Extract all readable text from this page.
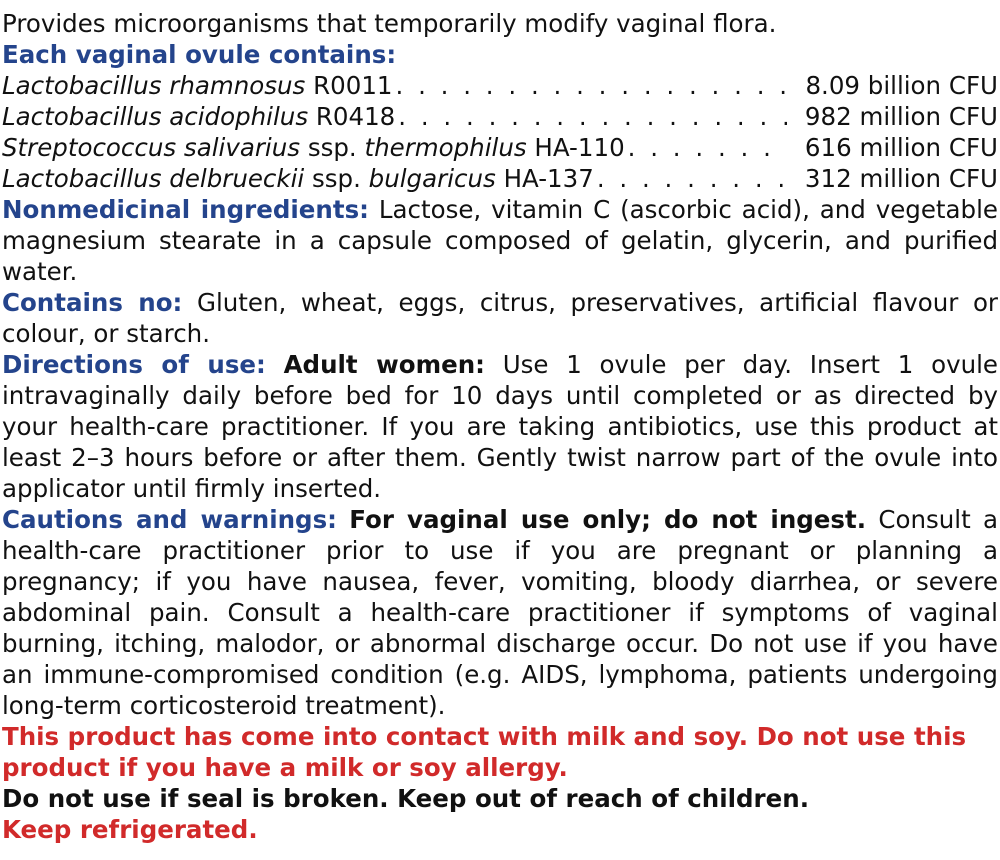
Provides microorganisms that temporarily modify vaginal flora.
Each vaginal ovule contains:
Lactobacillus rhamnosus R0011 . . .	8.09 billion CFU
Lactobacillus acidophilus R0418 . . .	982 million CFU
Streptococcus salivarius ssp. thermophilus HA-110 . . .	616 million CFU
Lactobacillus delbrueckii ssp. bulgaricus HA-137 . . .	312 million CFU

Nonmedicinal ingredients: Lactose, vitamin C (ascorbic acid), and vegetable magnesium stearate in a capsule composed of gelatin, glycerin, and purified water.

Contains no: Gluten, wheat, eggs, citrus, preservatives, artificial flavour or colour, or starch.

Directions of use: Adult women: Use 1 ovule per day. Insert 1 ovule intravaginally daily before bed for 10 days until completed or as directed by your health-care practitioner. If you are taking antibiotics, use this product at least 2–3 hours before or after them. Gently twist narrow part of the ovule into applicator until firmly inserted.

Cautions and warnings: For vaginal use only; do not ingest. Consult a health-care practitioner prior to use if you are pregnant or planning a pregnancy; if you have nausea, fever, vomiting, bloody diarrhea, or severe abdominal pain. Consult a health-care practitioner if symptoms of vaginal burning, itching, malodor, or abnormal discharge occur. Do not use if you have an immune-compromised condition (e.g. AIDS, lymphoma, patients undergoing long-term corticosteroid treatment).

This product has come into contact with milk and soy. Do not use this product if you have a milk or soy allergy.

Do not use if seal is broken. Keep out of reach of children.

Keep refrigerated.
